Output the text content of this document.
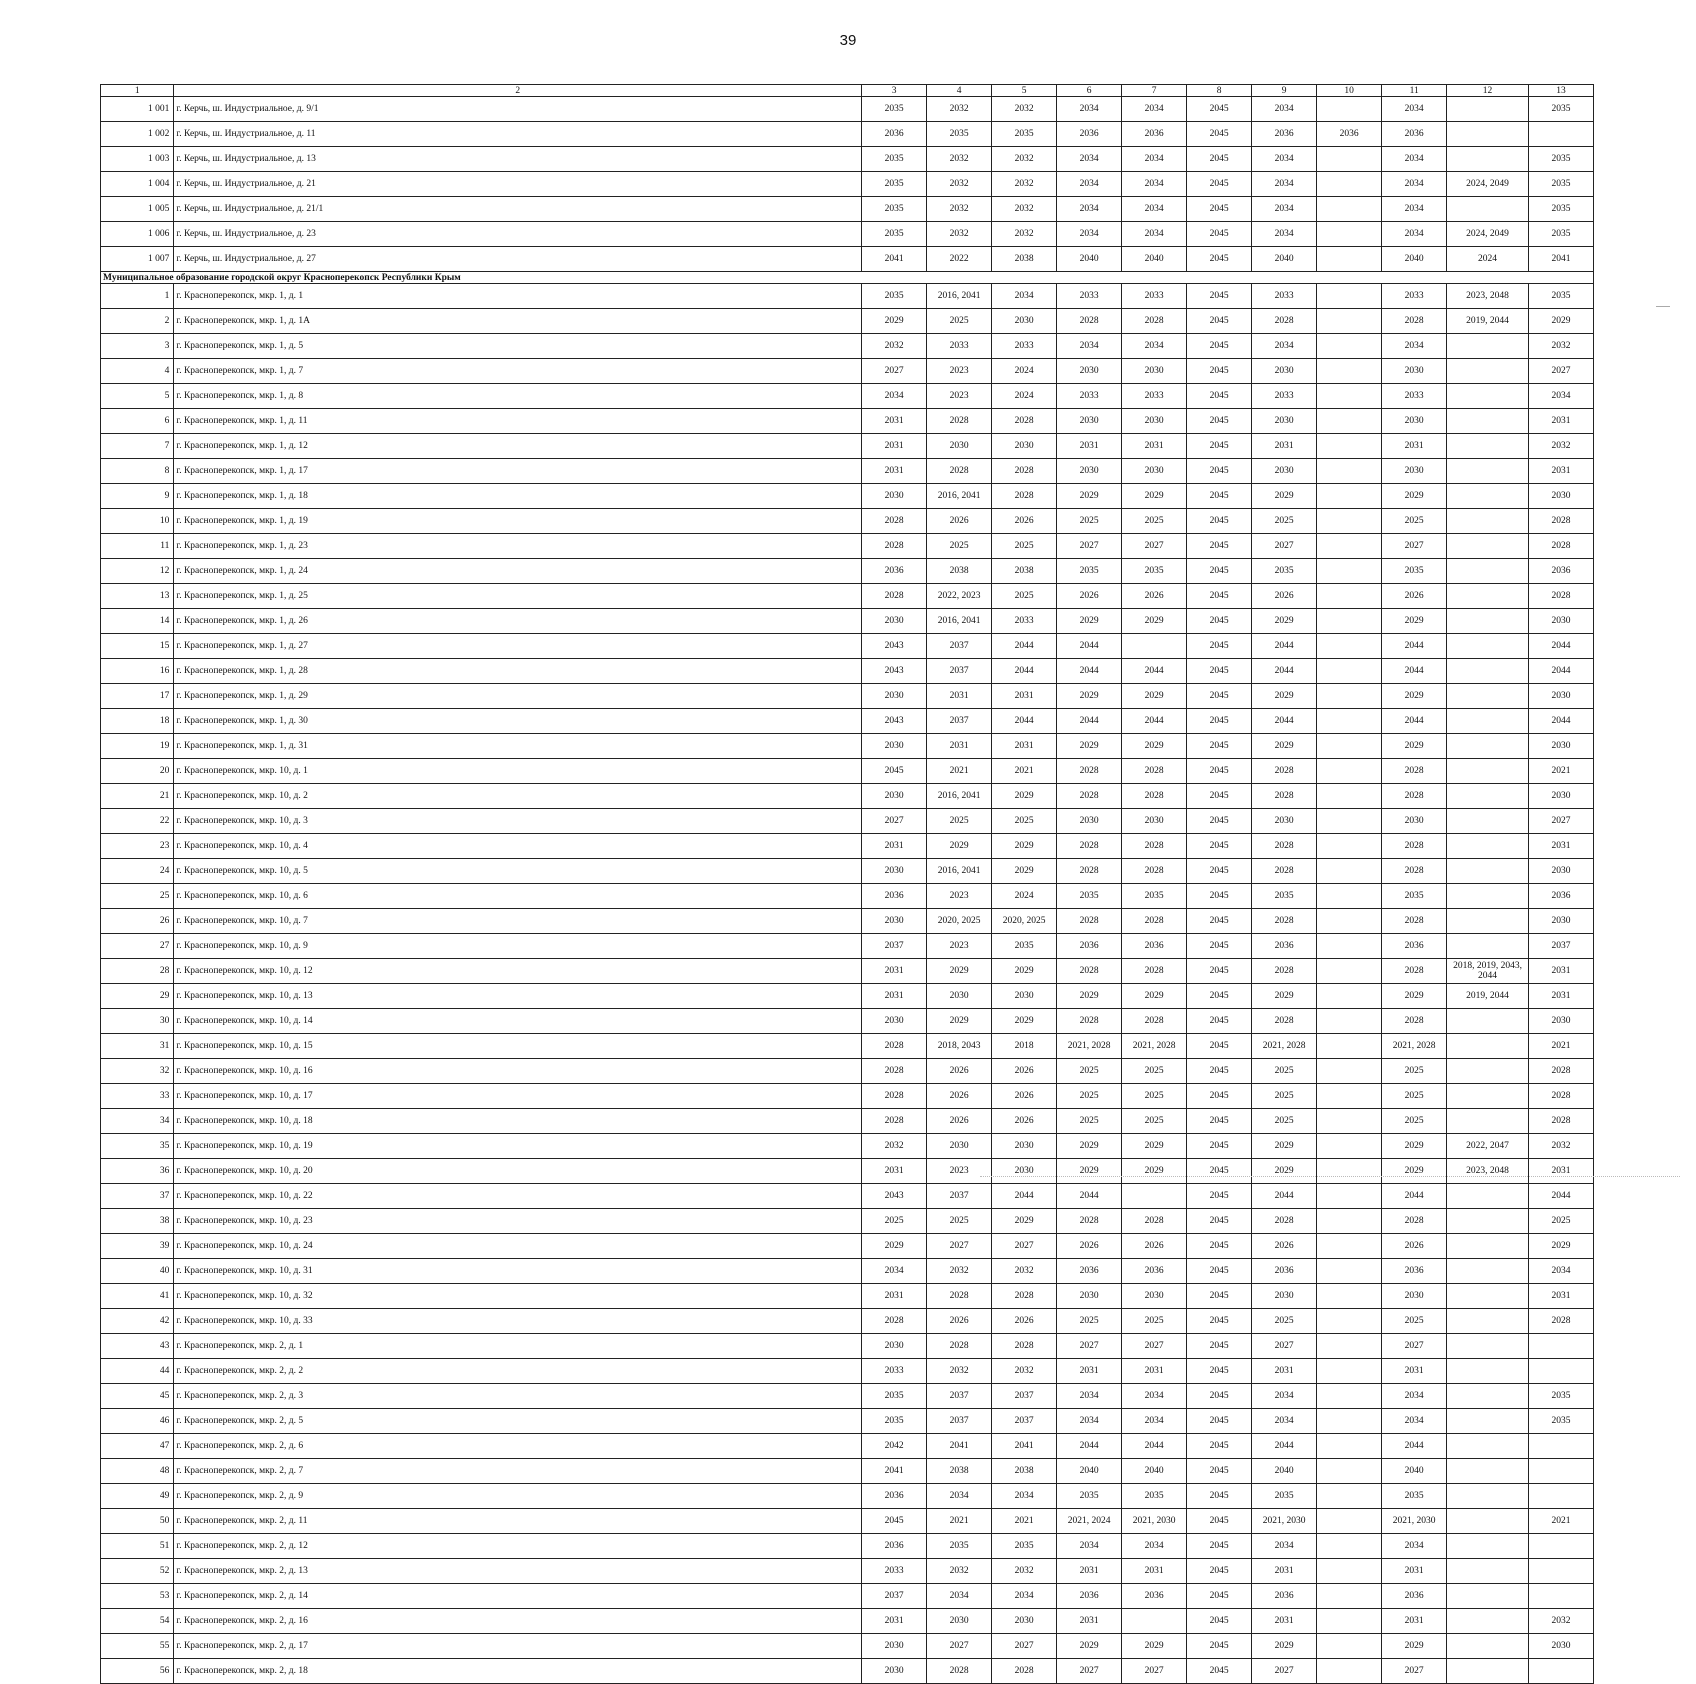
39
1	2	3	4	5	6	7	8	9	10	11	12	13
1 001	г. Керчь, ш. Индустриальное, д. 9/1	2035	2032	2032	2034	2034	2045	2034		2034		2035
1 002	г. Керчь, ш. Индустриальное, д. 11	2036	2035	2035	2036	2036	2045	2036	2036	2036		
1 003	г. Керчь, ш. Индустриальное, д. 13	2035	2032	2032	2034	2034	2045	2034		2034		2035
1 004	г. Керчь, ш. Индустриальное, д. 21	2035	2032	2032	2034	2034	2045	2034		2034	2024, 2049	2035
1 005	г. Керчь, ш. Индустриальное, д. 21/1	2035	2032	2032	2034	2034	2045	2034		2034		2035
1 006	г. Керчь, ш. Индустриальное, д. 23	2035	2032	2032	2034	2034	2045	2034		2034	2024, 2049	2035
1 007	г. Керчь, ш. Индустриальное, д. 27	2041	2022	2038	2040	2040	2045	2040		2040	2024	2041
Муниципальное образование городской округ Красноперекопск Республики Крым												
1	г. Красноперекопск, мкр. 1, д. 1	2035	2016, 2041	2034	2033	2033	2045	2033		2033	2023, 2048	2035
2	г. Красноперекопск, мкр. 1, д. 1А	2029	2025	2030	2028	2028	2045	2028		2028	2019, 2044	2029
3	г. Красноперекопск, мкр. 1, д. 5	2032	2033	2033	2034	2034	2045	2034		2034		2032
4	г. Красноперекопск, мкр. 1, д. 7	2027	2023	2024	2030	2030	2045	2030		2030		2027
5	г. Красноперекопск, мкр. 1, д. 8	2034	2023	2024	2033	2033	2045	2033		2033		2034
6	г. Красноперекопск, мкр. 1, д. 11	2031	2028	2028	2030	2030	2045	2030		2030		2031
7	г. Красноперекопск, мкр. 1, д. 12	2031	2030	2030	2031	2031	2045	2031		2031		2032
8	г. Красноперекопск, мкр. 1, д. 17	2031	2028	2028	2030	2030	2045	2030		2030		2031
9	г. Красноперекопск, мкр. 1, д. 18	2030	2016, 2041	2028	2029	2029	2045	2029		2029		2030
10	г. Красноперекопск, мкр. 1, д. 19	2028	2026	2026	2025	2025	2045	2025		2025		2028
11	г. Красноперекопск, мкр. 1, д. 23	2028	2025	2025	2027	2027	2045	2027		2027		2028
12	г. Красноперекопск, мкр. 1, д. 24	2036	2038	2038	2035	2035	2045	2035		2035		2036
13	г. Красноперекопск, мкр. 1, д. 25	2028	2022, 2023	2025	2026	2026	2045	2026		2026		2028
14	г. Красноперекопск, мкр. 1, д. 26	2030	2016, 2041	2033	2029	2029	2045	2029		2029		2030
15	г. Красноперекопск, мкр. 1, д. 27	2043	2037	2044	2044		2045	2044		2044		2044
16	г. Красноперекопск, мкр. 1, д. 28	2043	2037	2044	2044	2044	2045	2044		2044		2044
17	г. Красноперекопск, мкр. 1, д. 29	2030	2031	2031	2029	2029	2045	2029		2029		2030
18	г. Красноперекопск, мкр. 1, д. 30	2043	2037	2044	2044	2044	2045	2044		2044		2044
19	г. Красноперекопск, мкр. 1, д. 31	2030	2031	2031	2029	2029	2045	2029		2029		2030
20	г. Красноперекопск, мкр. 10, д. 1	2045	2021	2021	2028	2028	2045	2028		2028		2021
21	г. Красноперекопск, мкр. 10, д. 2	2030	2016, 2041	2029	2028	2028	2045	2028		2028		2030
22	г. Красноперекопск, мкр. 10, д. 3	2027	2025	2025	2030	2030	2045	2030		2030		2027
23	г. Красноперекопск, мкр. 10, д. 4	2031	2029	2029	2028	2028	2045	2028		2028		2031
24	г. Красноперекопск, мкр. 10, д. 5	2030	2016, 2041	2029	2028	2028	2045	2028		2028		2030
25	г. Красноперекопск, мкр. 10, д. 6	2036	2023	2024	2035	2035	2045	2035		2035		2036
26	г. Красноперекопск, мкр. 10, д. 7	2030	2020, 2025	2020, 2025	2028	2028	2045	2028		2028		2030
27	г. Красноперекопск, мкр. 10, д. 9	2037	2023	2035	2036	2036	2045	2036		2036		2037
28	г. Красноперекопск, мкр. 10, д. 12	2031	2029	2029	2028	2028	2045	2028		2028	2018, 2019, 2043, 2044	2031
29	г. Красноперекопск, мкр. 10, д. 13	2031	2030	2030	2029	2029	2045	2029		2029	2019, 2044	2031
30	г. Красноперекопск, мкр. 10, д. 14	2030	2029	2029	2028	2028	2045	2028		2028		2030
31	г. Красноперекопск, мкр. 10, д. 15	2028	2018, 2043	2018	2021, 2028	2021, 2028	2045	2021, 2028		2021, 2028		2021
32	г. Красноперекопск, мкр. 10, д. 16	2028	2026	2026	2025	2025	2045	2025		2025		2028
33	г. Красноперекопск, мкр. 10, д. 17	2028	2026	2026	2025	2025	2045	2025		2025		2028
34	г. Красноперекопск, мкр. 10, д. 18	2028	2026	2026	2025	2025	2045	2025		2025		2028
35	г. Красноперекопск, мкр. 10, д. 19	2032	2030	2030	2029	2029	2045	2029		2029	2022, 2047	2032
36	г. Красноперекопск, мкр. 10, д. 20	2031	2023	2030	2029	2029	2045	2029		2029	2023, 2048	2031
37	г. Красноперекопск, мкр. 10, д. 22	2043	2037	2044	2044		2045	2044		2044		2044
38	г. Красноперекопск, мкр. 10, д. 23	2025	2025	2029	2028	2028	2045	2028		2028		2025
39	г. Красноперекопск, мкр. 10, д. 24	2029	2027	2027	2026	2026	2045	2026		2026		2029
40	г. Красноперекопск, мкр. 10, д. 31	2034	2032	2032	2036	2036	2045	2036		2036		2034
41	г. Красноперекопск, мкр. 10, д. 32	2031	2028	2028	2030	2030	2045	2030		2030		2031
42	г. Красноперекопск, мкр. 10, д. 33	2028	2026	2026	2025	2025	2045	2025		2025		2028
43	г. Красноперекопск, мкр. 2, д. 1	2030	2028	2028	2027	2027	2045	2027		2027		
44	г. Красноперекопск, мкр. 2, д. 2	2033	2032	2032	2031	2031	2045	2031		2031		
45	г. Красноперекопск, мкр. 2, д. 3	2035	2037	2037	2034	2034	2045	2034		2034		2035
46	г. Красноперекопск, мкр. 2, д. 5	2035	2037	2037	2034	2034	2045	2034		2034		2035
47	г. Красноперекопск, мкр. 2, д. 6	2042	2041	2041	2044	2044	2045	2044		2044		
48	г. Красноперекопск, мкр. 2, д. 7	2041	2038	2038	2040	2040	2045	2040		2040		
49	г. Красноперекопск, мкр. 2, д. 9	2036	2034	2034	2035	2035	2045	2035		2035		
50	г. Красноперекопск, мкр. 2, д. 11	2045	2021	2021	2021, 2024	2021, 2030	2045	2021, 2030		2021, 2030		2021
51	г. Красноперекопск, мкр. 2, д. 12	2036	2035	2035	2034	2034	2045	2034		2034		
52	г. Красноперекопск, мкр. 2, д. 13	2033	2032	2032	2031	2031	2045	2031		2031		
53	г. Красноперекопск, мкр. 2, д. 14	2037	2034	2034	2036	2036	2045	2036		2036		
54	г. Красноперекопск, мкр. 2, д. 16	2031	2030	2030	2031		2045	2031		2031		2032
55	г. Красноперекопск, мкр. 2, д. 17	2030	2027	2027	2029	2029	2045	2029		2029		2030
56	г. Красноперекопск, мкр. 2, д. 18	2030	2028	2028	2027	2027	2045	2027		2027		
